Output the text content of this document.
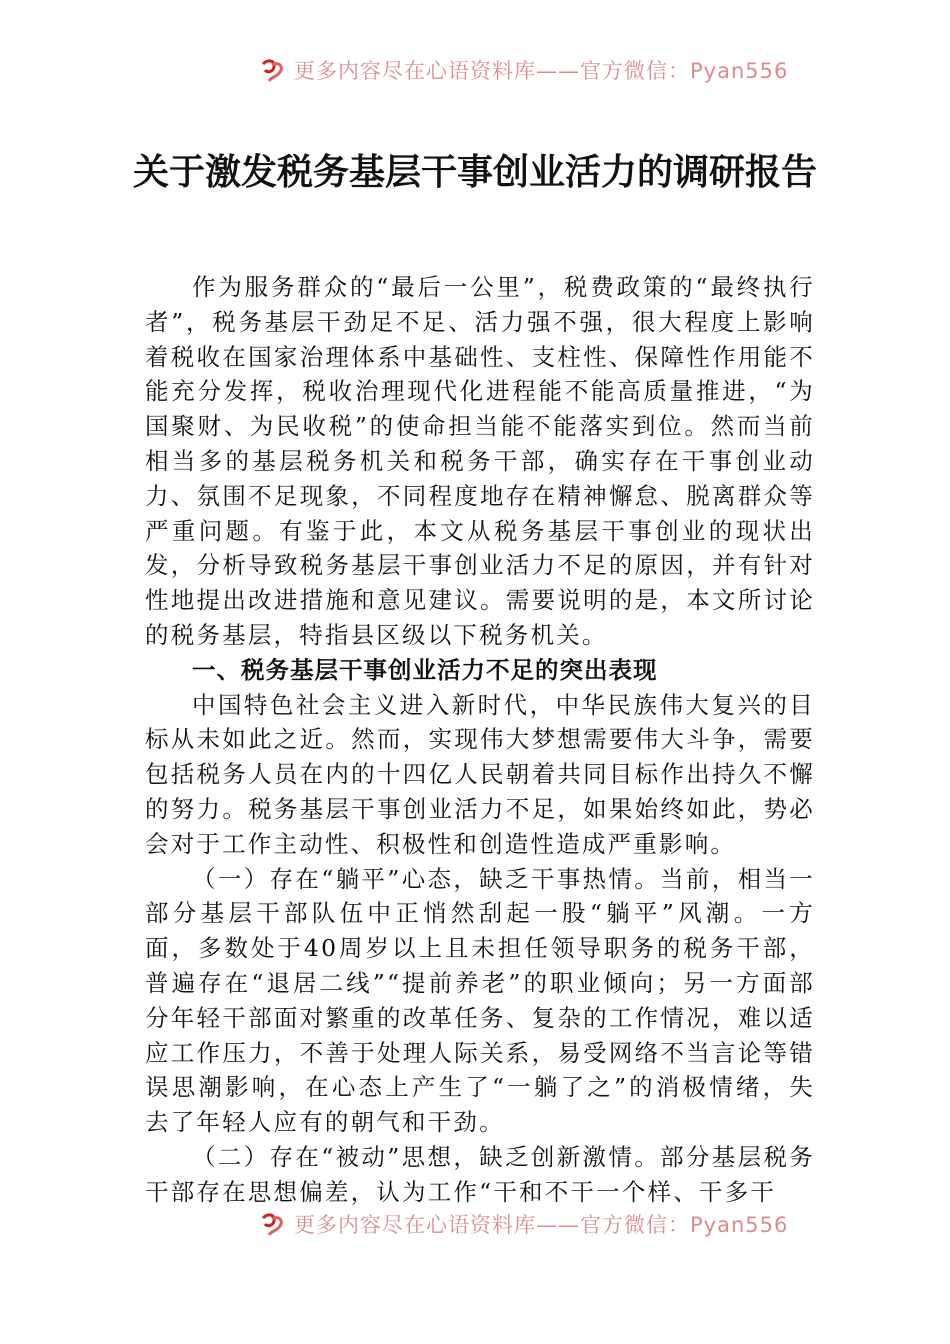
更多内容尽在心语资料库——官方微信：Pyan556
关于激发税务基层干事创业活力的调研报告

作为服务群众的“最后一公里”，税费政策的“最终执行者”，税务基层干劲足不足、活力强不强，很大程度上影响着税收在国家治理体系中基础性、支柱性、保障性作用能不能充分发挥，税收治理现代化进程能不能高质量推进，“为国聚财、为民收税”的使命担当能不能落实到位。然而当前相当多的基层税务机关和税务干部，确实存在干事创业动力、氛围不足现象，不同程度地存在精神懈怠、脱离群众等严重问题。有鉴于此，本文从税务基层干事创业的现状出发，分析导致税务基层干事创业活力不足的原因，并有针对性地提出改进措施和意见建议。需要说明的是，本文所讨论的税务基层，特指县区级以下税务机关。

一、税务基层干事创业活力不足的突出表现

中国特色社会主义进入新时代，中华民族伟大复兴的目标从未如此之近。然而，实现伟大梦想需要伟大斗争，需要包括税务人员在内的十四亿人民朝着共同目标作出持久不懈的努力。税务基层干事创业活力不足，如果始终如此，势必会对于工作主动性、积极性和创造性造成严重影响。

（一）存在“躺平”心态，缺乏干事热情。当前，相当一部分基层干部队伍中正悄然刮起一股“躺平”风潮。一方面，多数处于40周岁以上且未担任领导职务的税务干部，普遍存在“退居二线”“提前养老”的职业倾向；另一方面部分年轻干部面对繁重的改革任务、复杂的工作情况，难以适应工作压力，不善于处理人际关系，易受网络不当言论等错误思潮影响，在心态上产生了“一躺了之”的消极情绪，失去了年轻人应有的朝气和干劲。

（二）存在“被动”思想，缺乏创新激情。部分基层税务干部存在思想偏差，认为工作“干和不干一个样、干多干

更多内容尽在心语资料库——官方微信：Pyan556
